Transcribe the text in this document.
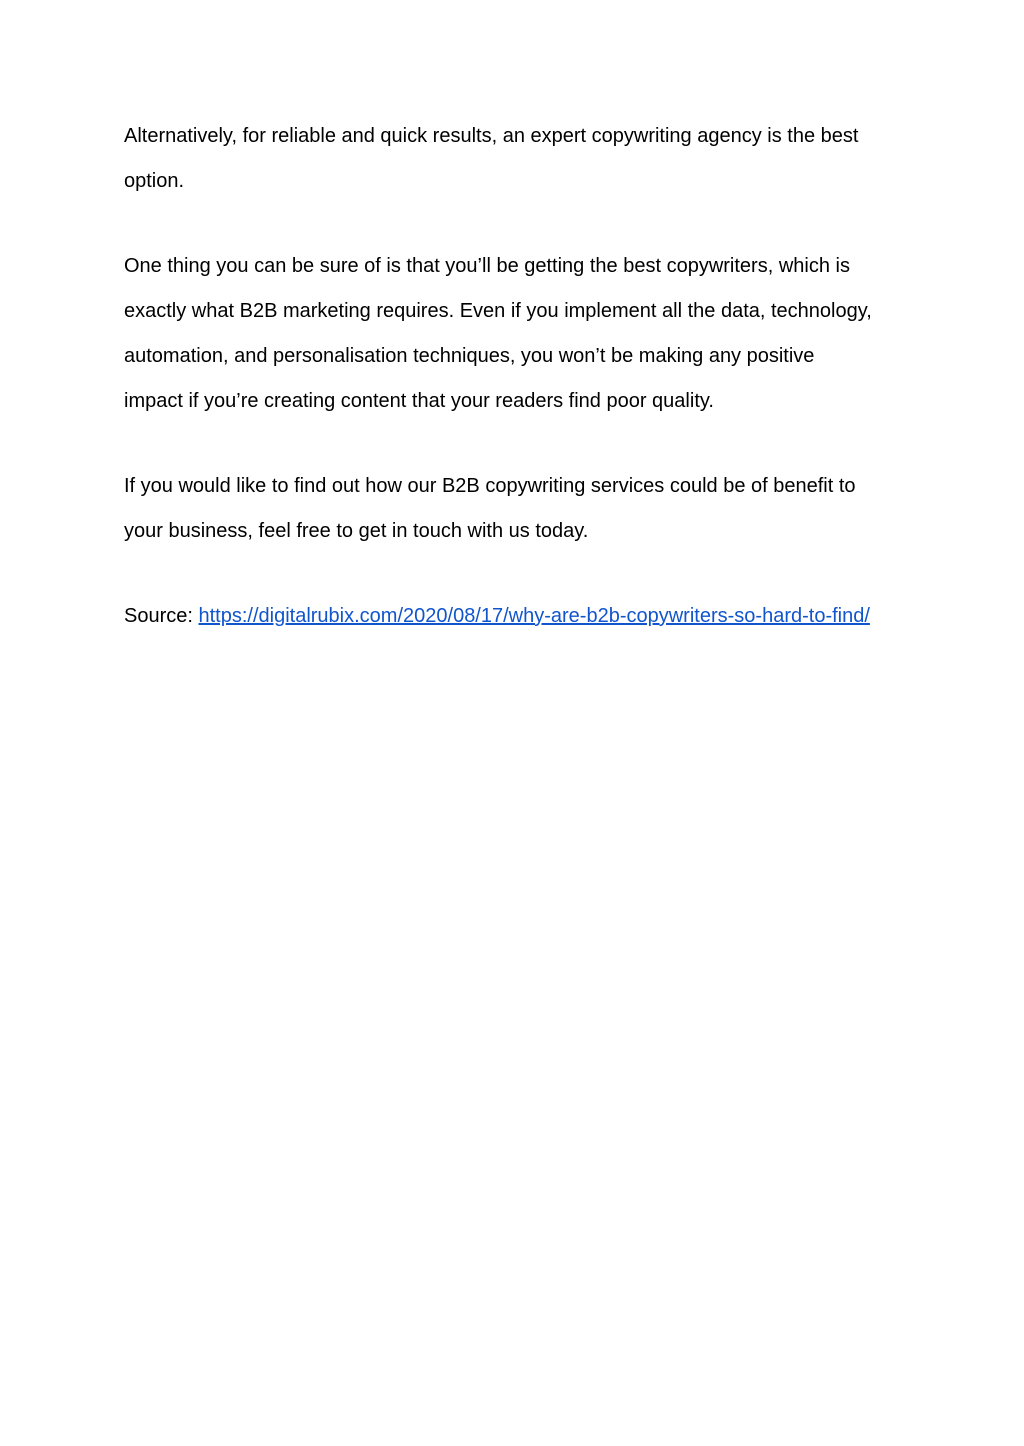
Alternatively, for reliable and quick results, an expert copywriting agency is the best
option.

One thing you can be sure of is that you’ll be getting the best copywriters, which is
exactly what B2B marketing requires. Even if you implement all the data, technology,
automation, and personalisation techniques, you won’t be making any positive
impact if you’re creating content that your readers find poor quality.

If you would like to find out how our B2B copywriting services could be of benefit to
your business, feel free to get in touch with us today.

Source: https://digitalrubix.com/2020/08/17/why-are-b2b-copywriters-so-hard-to-find/
